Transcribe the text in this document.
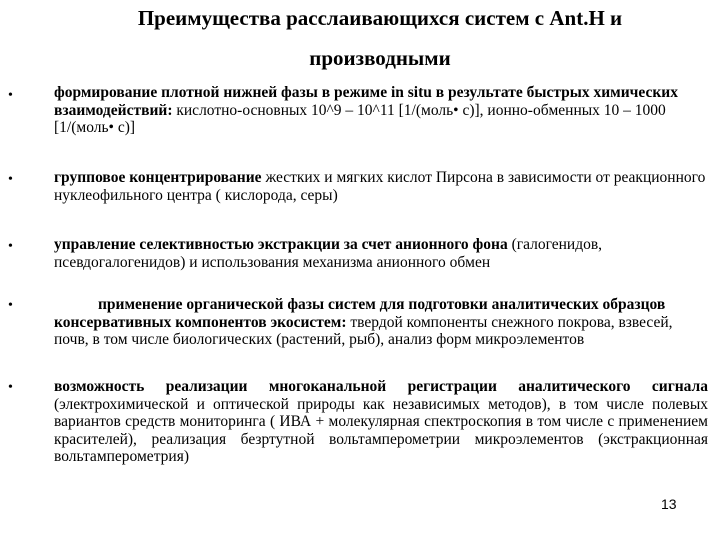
Преимущества расслаивающихся систем с Ant.H и
производными
•	формирование плотной нижней фазы в режиме in situ в результате быстрых химических взаимодействий: кислотно-основных 10^9 – 10^11 [1/(моль• с)], ионно-обменных 10 – 1000 [1/(моль• с)]

•	групповое концентрирование жестких и мягких кислот Пирсона в зависимости от реакционного нуклеофильного центра ( кислорода, серы)

•	управление селективностью экстракции за счет анионного фона (галогенидов, псевдогалогенидов) и использования механизма анионного обмен

•	применение органической фазы систем для подготовки аналитических образцов консервативных компонентов экосистем: твердой компоненты снежного покрова, взвесей, почв, в том числе биологических (растений, рыб), анализ форм микроэлементов

•	возможность реализации многоканальной регистрации аналитического сигнала (электрохимической и оптической природы как независимых методов), в том числе полевых вариантов средств мониторинга ( ИВА + молекулярная спектроскопия в том числе с применением красителей), реализация безртутной вольтамперометрии микроэлементов (экстракционная вольтамперометрия)

13
